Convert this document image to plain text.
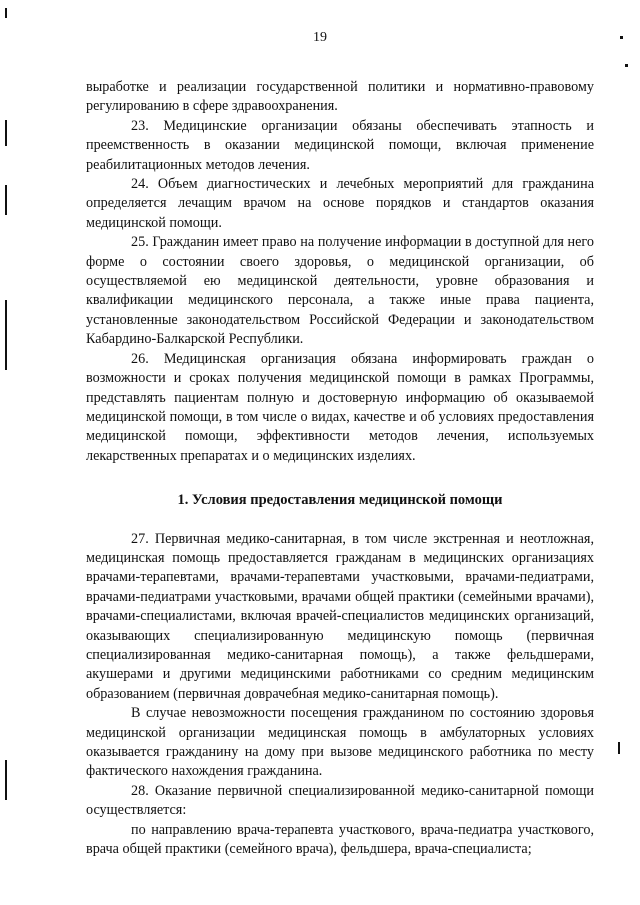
19

выработке и реализации государственной политики и нормативно-правовому регулированию в сфере здравоохранения.

23. Медицинские организации обязаны обеспечивать этапность и преемственность в оказании медицинской помощи, включая применение реабилитационных методов лечения.

24. Объем диагностических и лечебных мероприятий для гражданина определяется лечащим врачом на основе порядков и стандартов оказания медицинской помощи.

25. Гражданин имеет право на получение информации в доступной для него форме о состоянии своего здоровья, о медицинской организации, об осуществляемой ею медицинской деятельности, уровне образования и квалификации медицинского персонала, а также иные права пациента, установленные законодательством Российской Федерации и законодательством Кабардино-Балкарской Республики.

26. Медицинская организация обязана информировать граждан о возможности и сроках получения медицинской помощи в рамках Программы, представлять пациентам полную и достоверную информацию об оказываемой медицинской помощи, в том числе о видах, качестве и об условиях предоставления медицинской помощи, эффективности методов лечения, используемых лекарственных препаратах и о медицинских изделиях.

1. Условия предоставления медицинской помощи

27. Первичная медико-санитарная, в том числе экстренная и неотложная, медицинская помощь предоставляется гражданам в медицинских организациях врачами-терапевтами, врачами-терапевтами участковыми, врачами-педиатрами, врачами-педиатрами участковыми, врачами общей практики (семейными врачами), врачами-специалистами, включая врачей-специалистов медицинских организаций, оказывающих специализированную медицинскую помощь (первичная специализированная медико-санитарная помощь), а также фельдшерами, акушерами и другими медицинскими работниками со средним медицинским образованием (первичная доврачебная медико-санитарная помощь).

В случае невозможности посещения гражданином по состоянию здоровья медицинской организации медицинская помощь в амбулаторных условиях оказывается гражданину на дому при вызове медицинского работника по месту фактического нахождения гражданина.

28. Оказание первичной специализированной медико-санитарной помощи осуществляется:

по направлению врача-терапевта участкового, врача-педиатра участкового, врача общей практики (семейного врача), фельдшера, врача-специалиста;
